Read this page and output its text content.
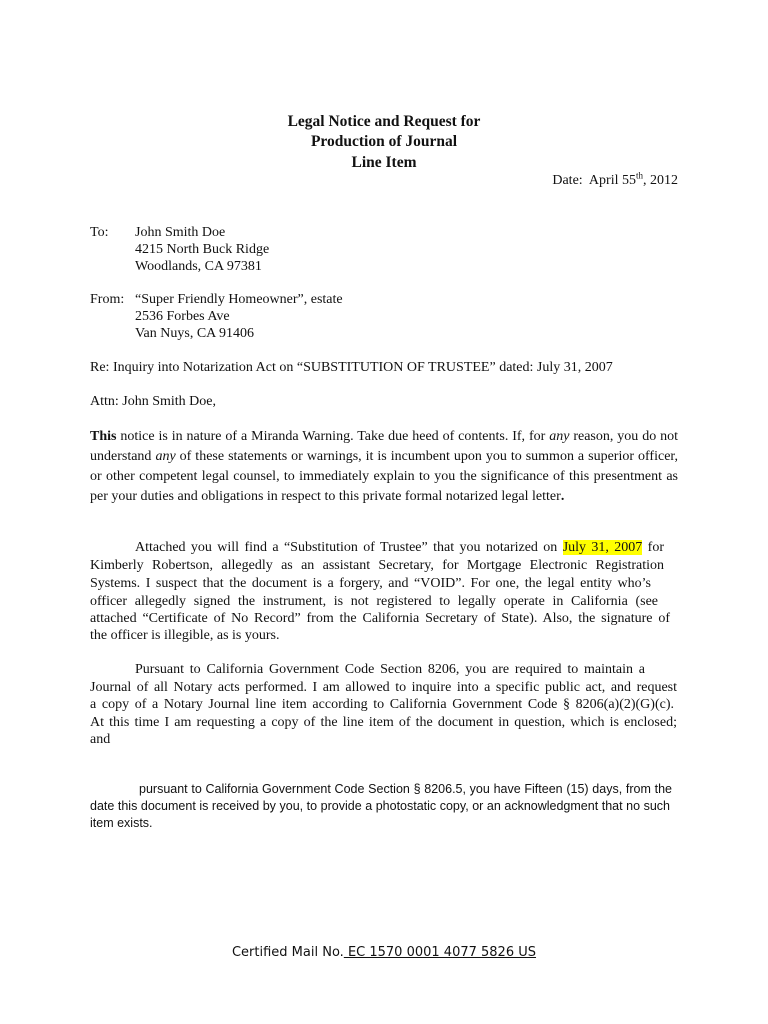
Legal Notice and Request for
Production of Journal
Line Item
Date: April 55th, 2012
To: John Smith Doe
4215 North Buck Ridge
Woodlands, CA 97381
From: “Super Friendly Homeowner”, estate
2536 Forbes Ave
Van Nuys, CA 91406
Re: Inquiry into Notarization Act on “SUBSTITUTION OF TRUSTEE” dated: July 31, 2007
Attn: John Smith Doe,
This notice is in nature of a Miranda Warning. Take due heed of contents. If, for any reason, you do not understand any of these statements or warnings, it is incumbent upon you to summon a superior officer, or other competent legal counsel, to immediately explain to you the significance of this presentment as per your duties and obligations in respect to this private formal notarized legal letter.
Attached you will find a “Substitution of Trustee” that you notarized on July 31, 2007 for
Kimberly Robertson, allegedly as an assistant Secretary, for Mortgage Electronic Registration
Systems. I suspect that the document is a forgery, and “VOID”. For one, the legal entity who’s
officer allegedly signed the instrument, is not registered to legally operate in California (see
attached “Certificate of No Record” from the California Secretary of State). Also, the signature of
the officer is illegible, as is yours.
Pursuant to California Government Code Section 8206, you are required to maintain a
Journal of all Notary acts performed. I am allowed to inquire into a specific public act, and request
a copy of a Notary Journal line item according to California Government Code § 8206(a)(2)(G)(c).
At this time I am requesting a copy of the line item of the document in question, which is enclosed;
and
pursuant to California Government Code Section § 8206.5, you have Fifteen (15) days, from the
date this document is received by you, to provide a photostatic copy, or an acknowledgment that no such
item exists.
Certified Mail No. EC 1570 0001 4077 5826 US
